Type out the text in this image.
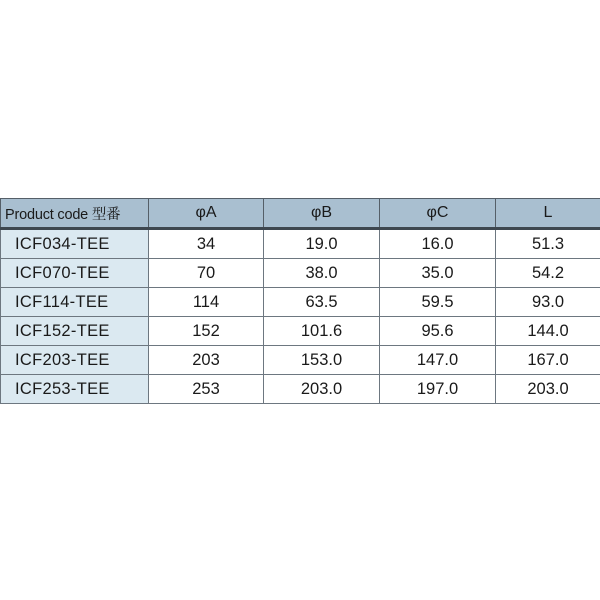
Product code 型番	φA	φB	φC	L
ICF034-TEE	34	19.0	16.0	51.3
ICF070-TEE	70	38.0	35.0	54.2
ICF114-TEE	114	63.5	59.5	93.0
ICF152-TEE	152	101.6	95.6	144.0
ICF203-TEE	203	153.0	147.0	167.0
ICF253-TEE	253	203.0	197.0	203.0
